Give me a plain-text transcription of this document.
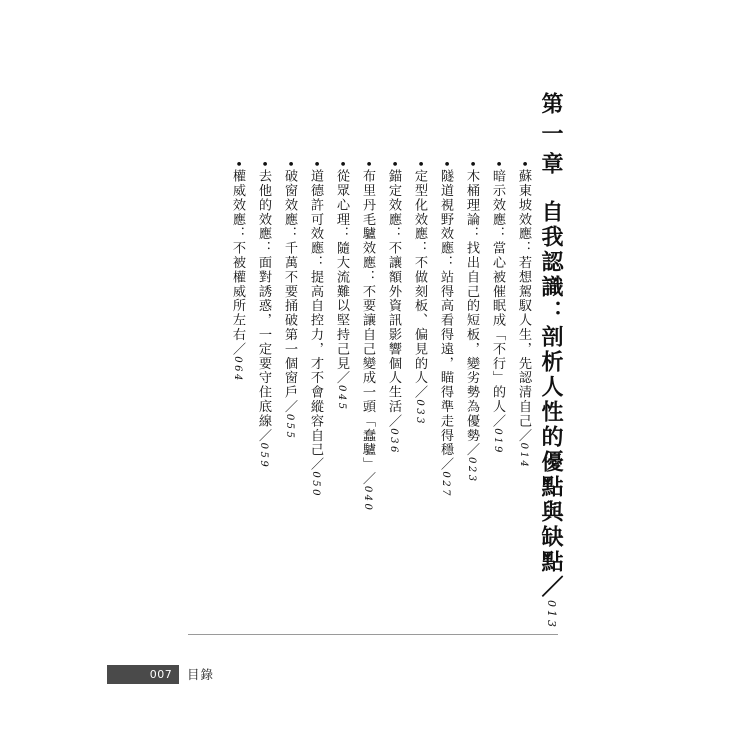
第一章自我認識：剖析人性的優點與缺點／013
•蘇東坡效應：若想駕馭人生，先認清自己／014
•暗示效應：當心被催眠成「不行」的人／019
•木桶理論：找出自己的短板，變劣勢為優勢／023
•隧道視野效應：站得高看得遠，瞄得準走得穩／027
•定型化效應：不做刻板、偏見的人／033
•錨定效應：不讓額外資訊影響個人生活／036
•布里丹毛驢效應：不要讓自己變成一頭「蠢驢」／040
•從眾心理：隨大流難以堅持己見／045
•道德許可效應：提高自控力，才不會縱容自己／050
•破窗效應：千萬不要捅破第一個窗戶／055
•去他的效應：面對誘惑，一定要守住底線／059
•權威效應：不被權威所左右／064
007	目錄
